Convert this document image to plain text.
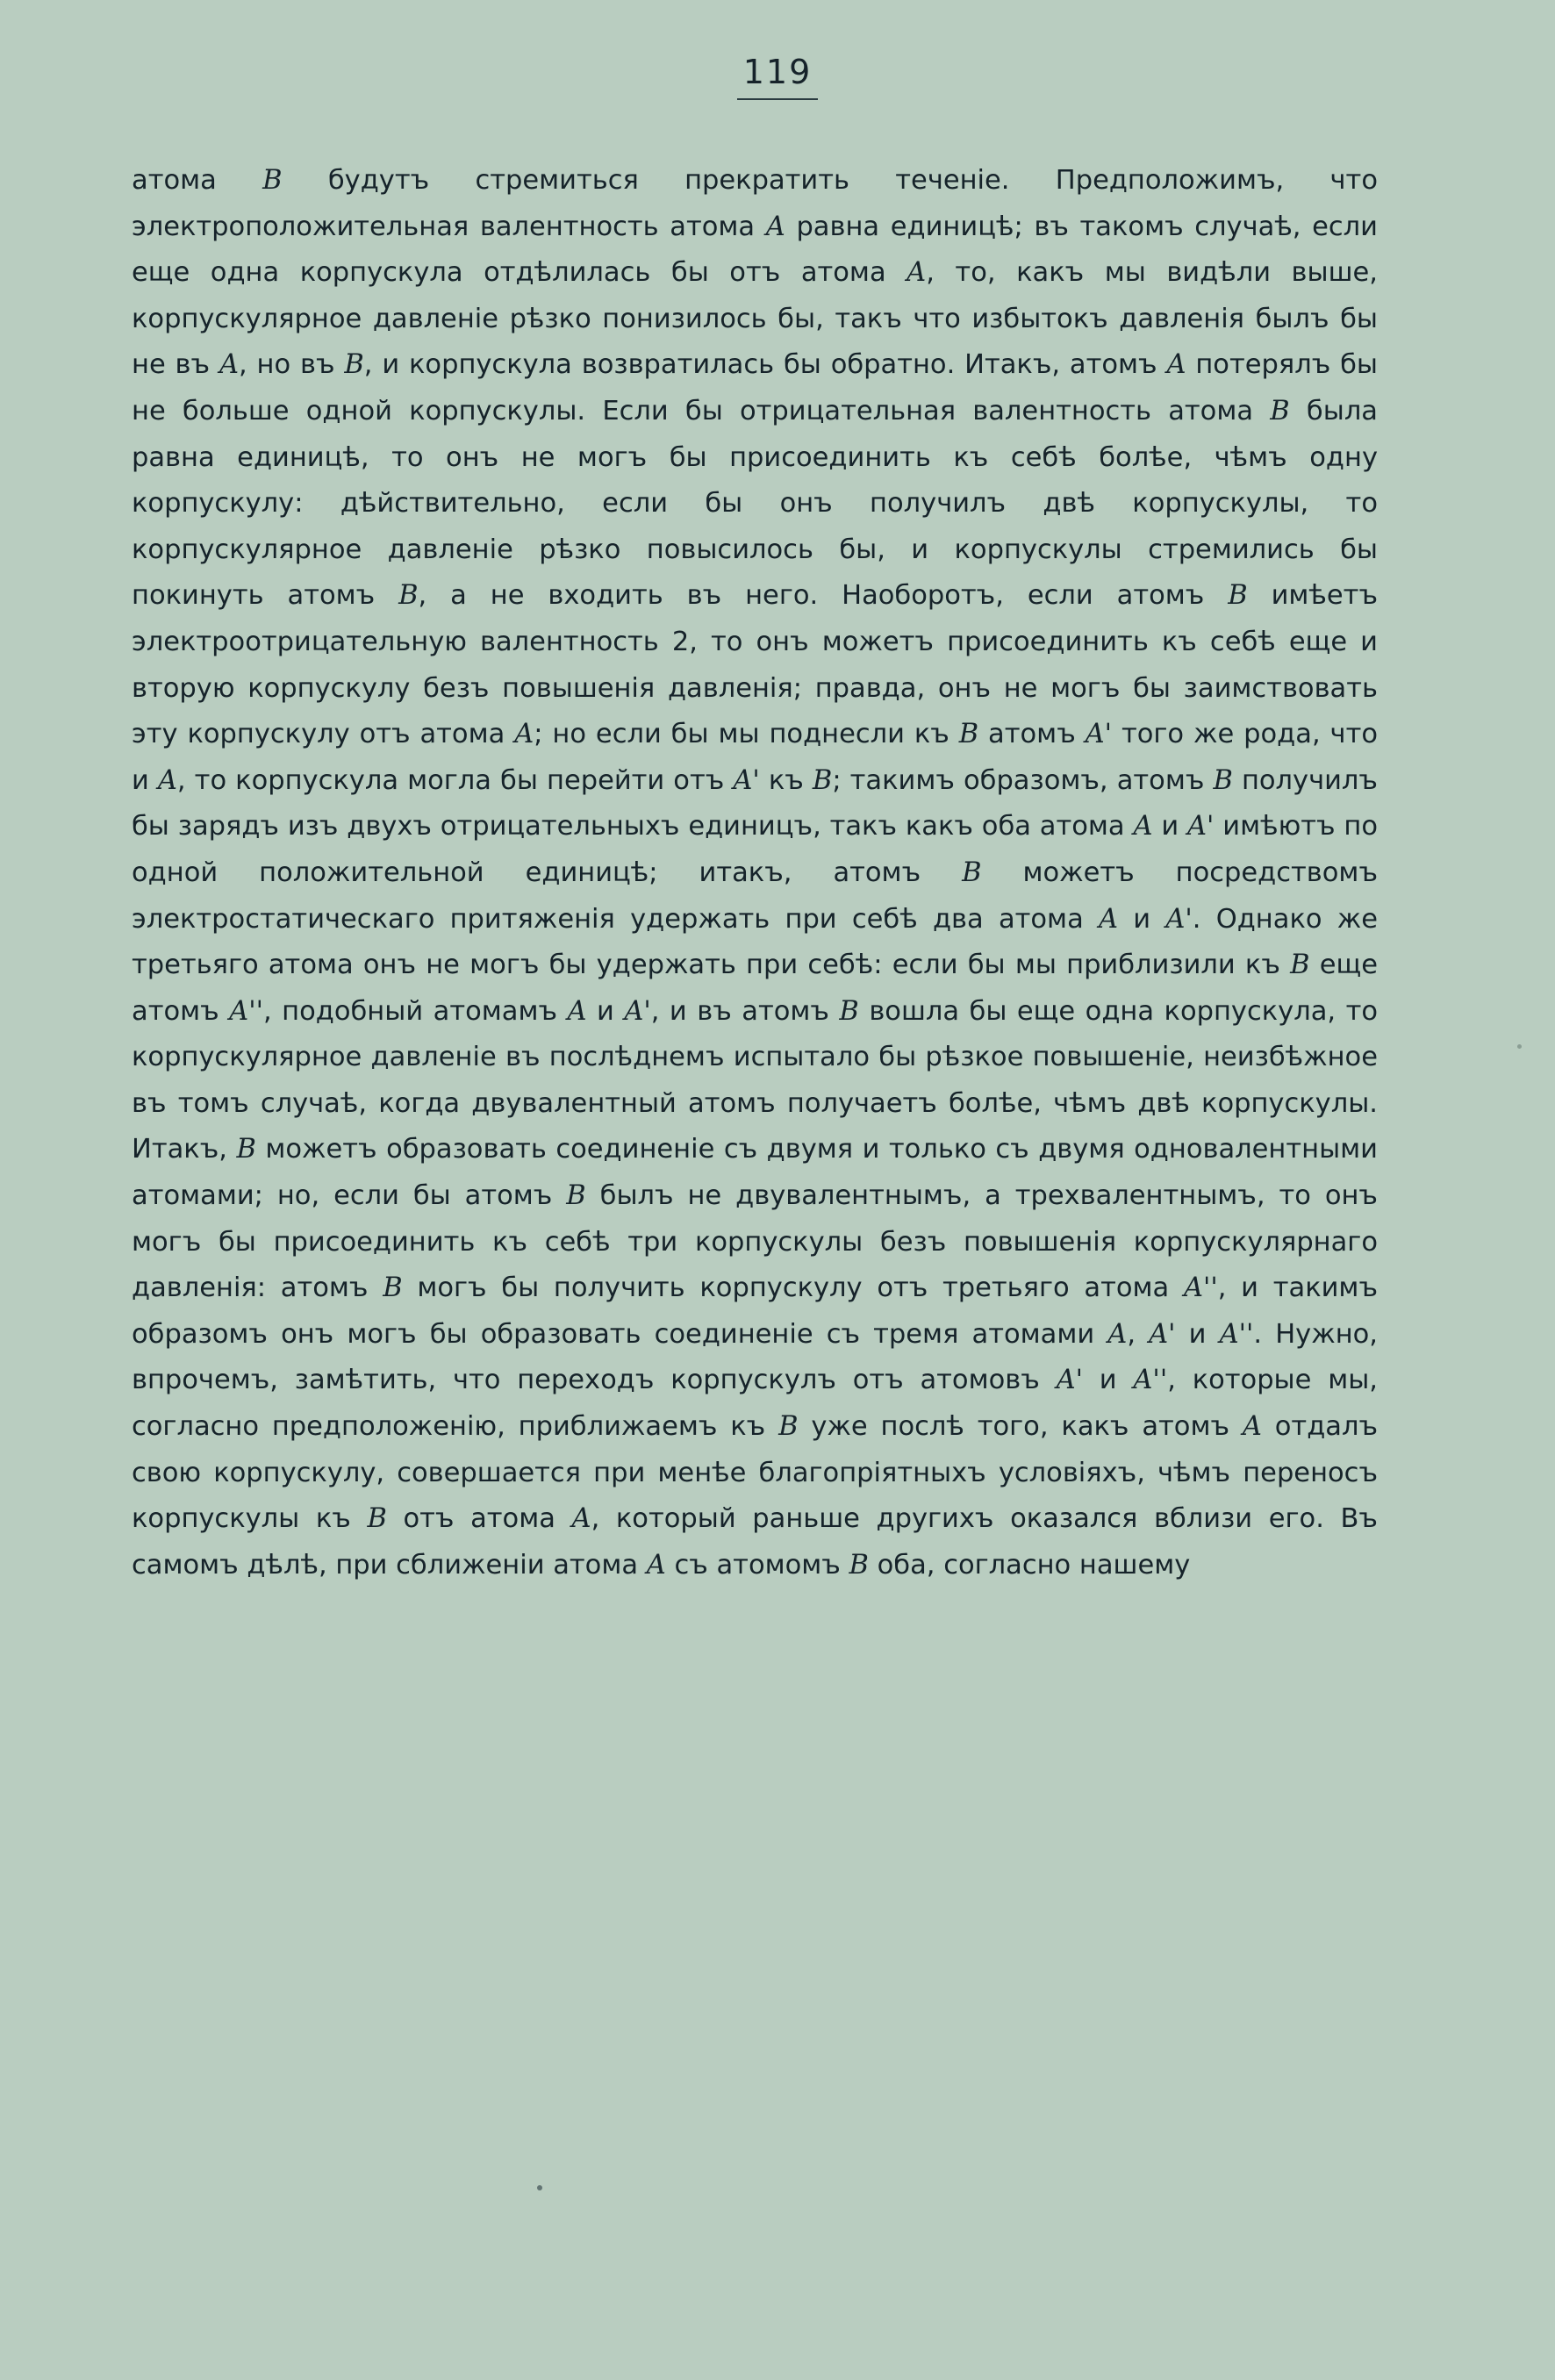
119

атома B будутъ стремиться прекратить теченіе. Предположимъ, что электроположительная валентность атома A равна единицѣ; въ такомъ случаѣ, если еще одна корпускула отдѣлилась бы отъ атома A, то, какъ мы видѣли выше, корпускулярное давленіе рѣзко понизилось бы, такъ что избытокъ давленія былъ бы не въ A, но въ B, и корпускула возвратилась бы обратно. Итакъ, атомъ A потерялъ бы не больше одной корпускулы. Если бы отрицательная валентность атома B была равна единицѣ, то онъ не могъ бы присоединить къ себѣ болѣе, чѣмъ одну корпускулу: дѣйствительно, если бы онъ получилъ двѣ корпускулы, то корпускулярное давленіе рѣзко повысилось бы, и корпускулы стремились бы покинуть атомъ B, а не входить въ него. Наоборотъ, если атомъ B имѣетъ электроотрицательную валентность 2, то онъ можетъ присоединить къ себѣ еще и вторую корпускулу безъ повышенія давленія; правда, онъ не могъ бы заимствовать эту корпускулу отъ атома A; но если бы мы поднесли къ B атомъ A' того же рода, что и A, то корпускула могла бы перейти отъ A' къ B; такимъ образомъ, атомъ B получилъ бы зарядъ изъ двухъ отрицательныхъ единицъ, такъ какъ оба атома A и A' имѣютъ по одной положительной единицѣ; итакъ, атомъ B можетъ посредствомъ электростатическаго притяженія удержать при себѣ два атома A и A'. Однако же третьяго атома онъ не могъ бы удержать при себѣ: если бы мы приблизили къ B еще атомъ A'', подобный атомамъ A и A', и въ атомъ B вошла бы еще одна корпускула, то корпускулярное давленіе въ послѣднемъ испытало бы рѣзкое повышеніе, неизбѣжное въ томъ случаѣ, когда двувалентный атомъ получаетъ болѣе, чѣмъ двѣ корпускулы. Итакъ, B можетъ образовать соединеніе съ двумя и только съ двумя одновалентными атомами; но, если бы атомъ B былъ не двувалентнымъ, а трехвалентнымъ, то онъ могъ бы присоединить къ себѣ три корпускулы безъ повышенія корпускулярнаго давленія: атомъ B могъ бы получить корпускулу отъ третьяго атома A'', и такимъ образомъ онъ могъ бы образовать соединеніе съ тремя атомами A, A' и A''. Нужно, впрочемъ, замѣтить, что переходъ корпускулъ отъ атомовъ A' и A'', которые мы, согласно предположенію, приближаемъ къ B уже послѣ того, какъ атомъ A отдалъ свою корпускулу, совершается при менѣе благопріятныхъ условіяхъ, чѣмъ переносъ корпускулы къ B отъ атома A, который раньше другихъ оказался вблизи его. Въ самомъ дѣлѣ, при сближеніи атома A съ атомомъ B оба, согласно нашему
